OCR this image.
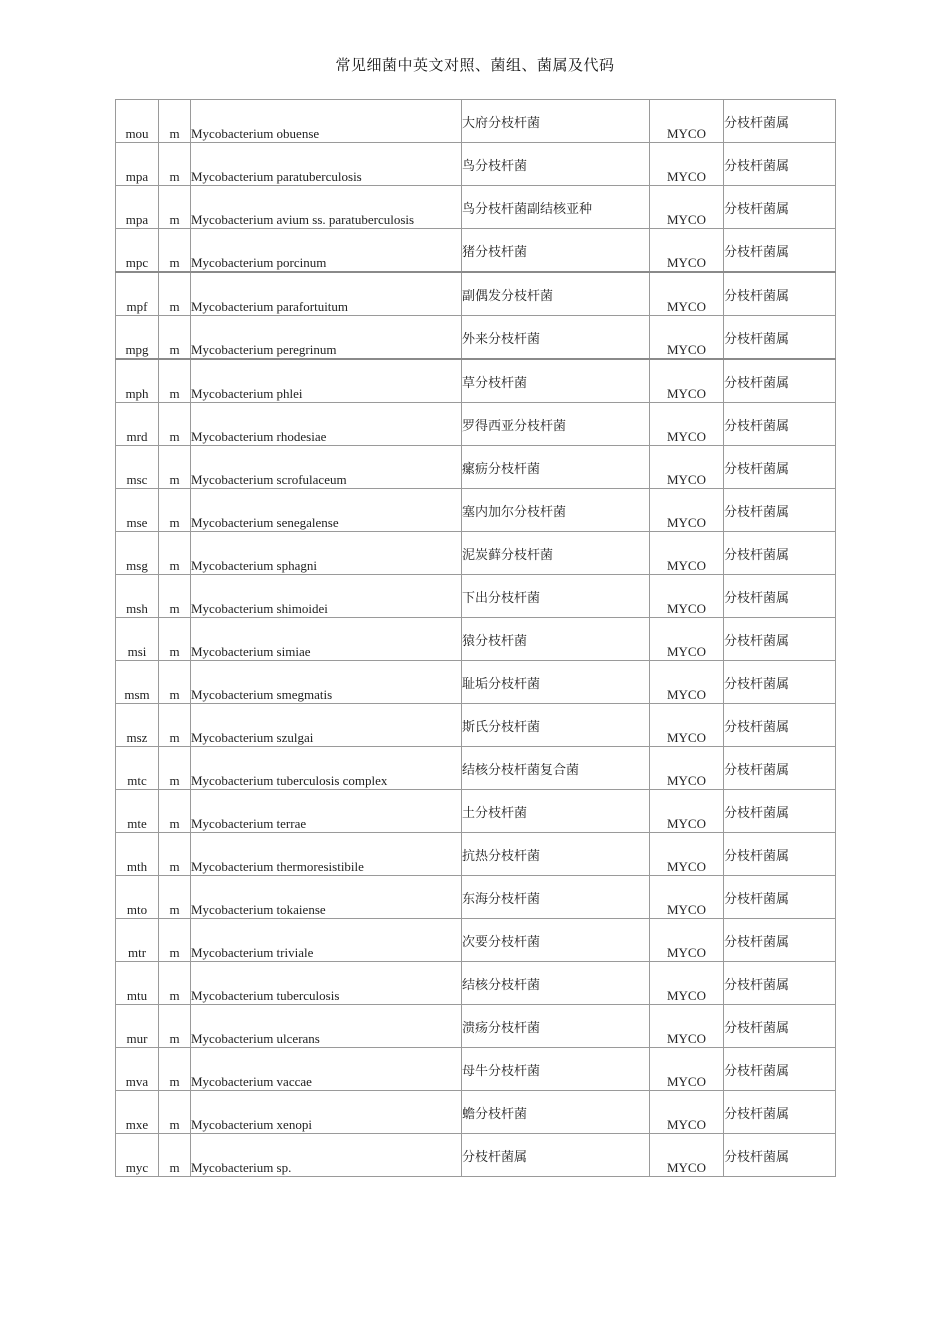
常见细菌中英文对照、菌组、菌属及代码
mou	m	Mycobacterium obuense	大府分枝杆菌	MYCO	分枝杆菌属
mpa	m	Mycobacterium paratuberculosis	鸟分枝杆菌	MYCO	分枝杆菌属
mpa	m	Mycobacterium avium ss. paratuberculosis	鸟分枝杆菌副结核亚种	MYCO	分枝杆菌属
mpc	m	Mycobacterium porcinum	猪分枝杆菌	MYCO	分枝杆菌属
mpf	m	Mycobacterium parafortuitum	副偶发分枝杆菌	MYCO	分枝杆菌属
mpg	m	Mycobacterium peregrinum	外来分枝杆菌	MYCO	分枝杆菌属
mph	m	Mycobacterium phlei	草分枝杆菌	MYCO	分枝杆菌属
mrd	m	Mycobacterium rhodesiae	罗得西亚分枝杆菌	MYCO	分枝杆菌属
msc	m	Mycobacterium scrofulaceum	瘰疬分枝杆菌	MYCO	分枝杆菌属
mse	m	Mycobacterium senegalense	塞内加尔分枝杆菌	MYCO	分枝杆菌属
msg	m	Mycobacterium sphagni	泥炭藓分枝杆菌	MYCO	分枝杆菌属
msh	m	Mycobacterium shimoidei	下出分枝杆菌	MYCO	分枝杆菌属
msi	m	Mycobacterium simiae	猿分枝杆菌	MYCO	分枝杆菌属
msm	m	Mycobacterium smegmatis	耻垢分枝杆菌	MYCO	分枝杆菌属
msz	m	Mycobacterium szulgai	斯氏分枝杆菌	MYCO	分枝杆菌属
mtc	m	Mycobacterium tuberculosis complex	结核分枝杆菌复合菌	MYCO	分枝杆菌属
mte	m	Mycobacterium terrae	土分枝杆菌	MYCO	分枝杆菌属
mth	m	Mycobacterium thermoresistibile	抗热分枝杆菌	MYCO	分枝杆菌属
mto	m	Mycobacterium tokaiense	东海分枝杆菌	MYCO	分枝杆菌属
mtr	m	Mycobacterium triviale	次要分枝杆菌	MYCO	分枝杆菌属
mtu	m	Mycobacterium tuberculosis	结核分枝杆菌	MYCO	分枝杆菌属
mur	m	Mycobacterium ulcerans	溃疡分枝杆菌	MYCO	分枝杆菌属
mva	m	Mycobacterium vaccae	母牛分枝杆菌	MYCO	分枝杆菌属
mxe	m	Mycobacterium xenopi	蟾分枝杆菌	MYCO	分枝杆菌属
myc	m	Mycobacterium sp.	分枝杆菌属	MYCO	分枝杆菌属
